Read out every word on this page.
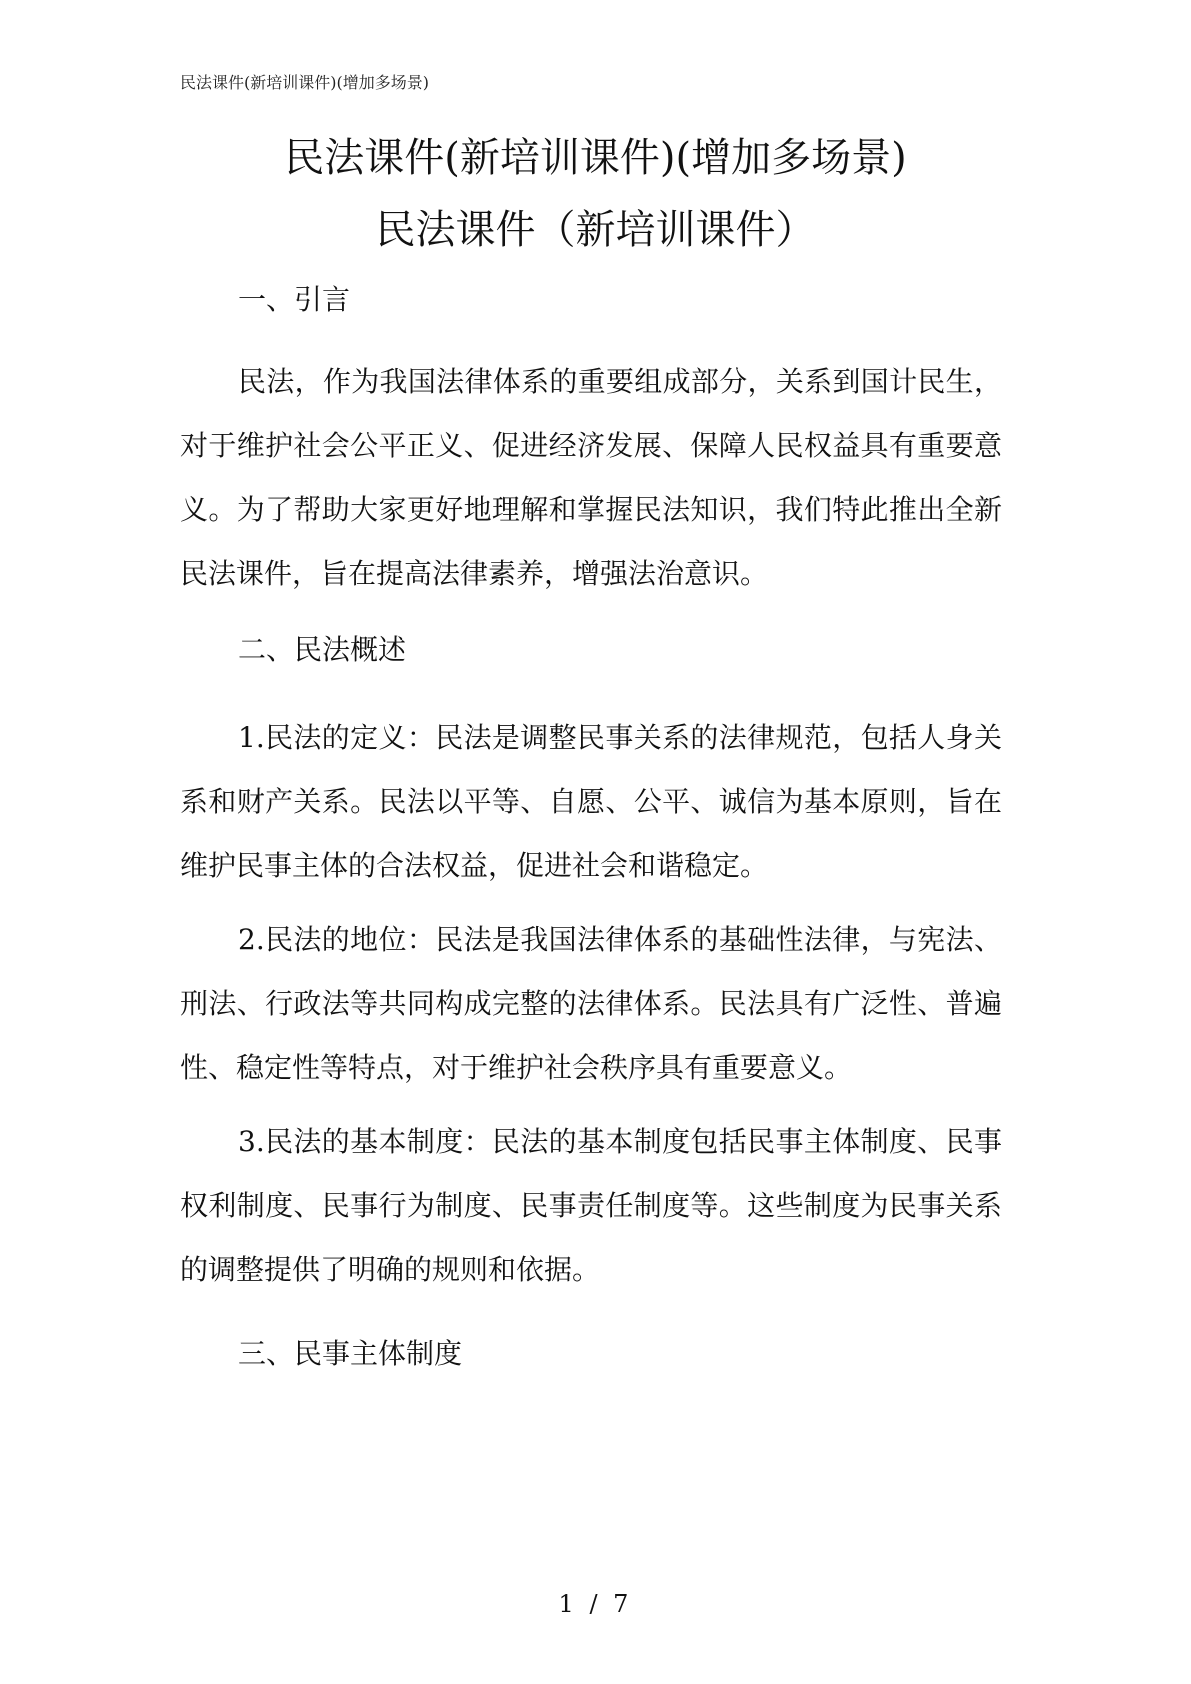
民法课件(新培训课件)(增加多场景)
民法课件(新培训课件)(增加多场景)
民法课件（新培训课件）
一、引言

民法，作为我国法律体系的重要组成部分，关系到国计民生，对于维护社会公平正义、促进经济发展、保障人民权益具有重要意义。为了帮助大家更好地理解和掌握民法知识，我们特此推出全新民法课件，旨在提高法律素养，增强法治意识。

二、民法概述

1.民法的定义：民法是调整民事关系的法律规范，包括人身关系和财产关系。民法以平等、自愿、公平、诚信为基本原则，旨在维护民事主体的合法权益，促进社会和谐稳定。

2.民法的地位：民法是我国法律体系的基础性法律，与宪法、刑法、行政法等共同构成完整的法律体系。民法具有广泛性、普遍性、稳定性等特点，对于维护社会秩序具有重要意义。

3.民法的基本制度：民法的基本制度包括民事主体制度、民事权利制度、民事行为制度、民事责任制度等。这些制度为民事关系的调整提供了明确的规则和依据。

三、民事主体制度
1 / 7
